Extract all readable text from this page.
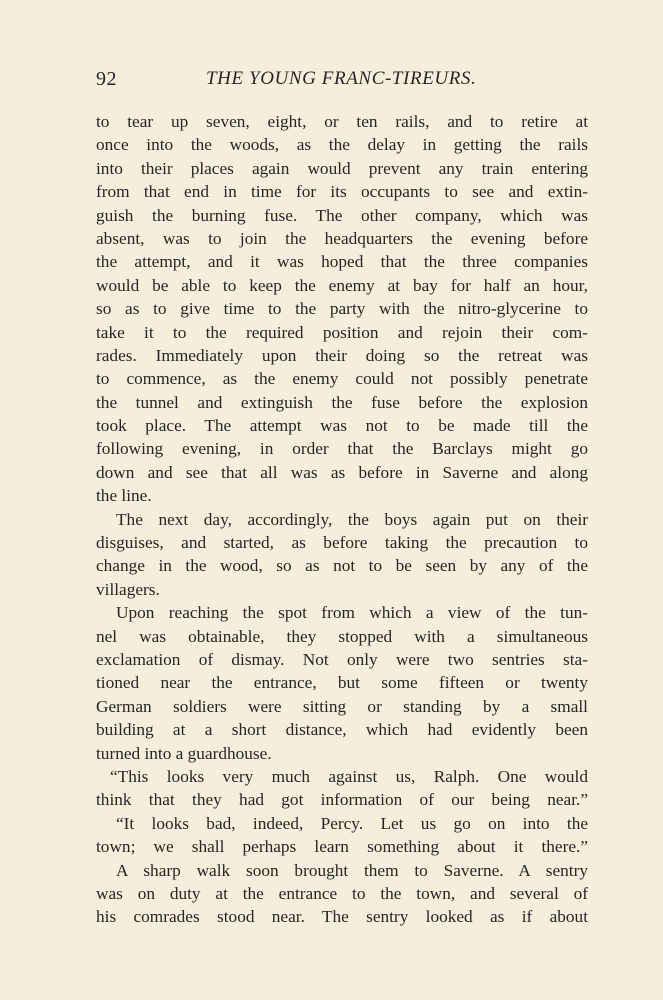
92	THE YOUNG FRANC-TIREURS.
to tear up seven, eight, or ten rails, and to retire at
once into the woods, as the delay in getting the rails
into their places again would prevent any train entering
from that end in time for its occupants to see and extin-
guish the burning fuse. The other company, which was
absent, was to join the headquarters the evening before
the attempt, and it was hoped that the three companies
would be able to keep the enemy at bay for half an hour,
so as to give time to the party with the nitro-glycerine to
take it to the required position and rejoin their com-
rades. Immediately upon their doing so the retreat was
to commence, as the enemy could not possibly penetrate
the tunnel and extinguish the fuse before the explosion
took place. The attempt was not to be made till the
following evening, in order that the Barclays might go
down and see that all was as before in Saverne and along
the line.
The next day, accordingly, the boys again put on their
disguises, and started, as before taking the precaution to
change in the wood, so as not to be seen by any of the
villagers.
Upon reaching the spot from which a view of the tun-
nel was obtainable, they stopped with a simultaneous
exclamation of dismay. Not only were two sentries sta-
tioned near the entrance, but some fifteen or twenty
German soldiers were sitting or standing by a small
building at a short distance, which had evidently been
turned into a guardhouse.
“This looks very much against us, Ralph. One would
think that they had got information of our being near.”
“It looks bad, indeed, Percy. Let us go on into the
town; we shall perhaps learn something about it there.”
A sharp walk soon brought them to Saverne. A sentry
was on duty at the entrance to the town, and several of
his comrades stood near. The sentry looked as if about
